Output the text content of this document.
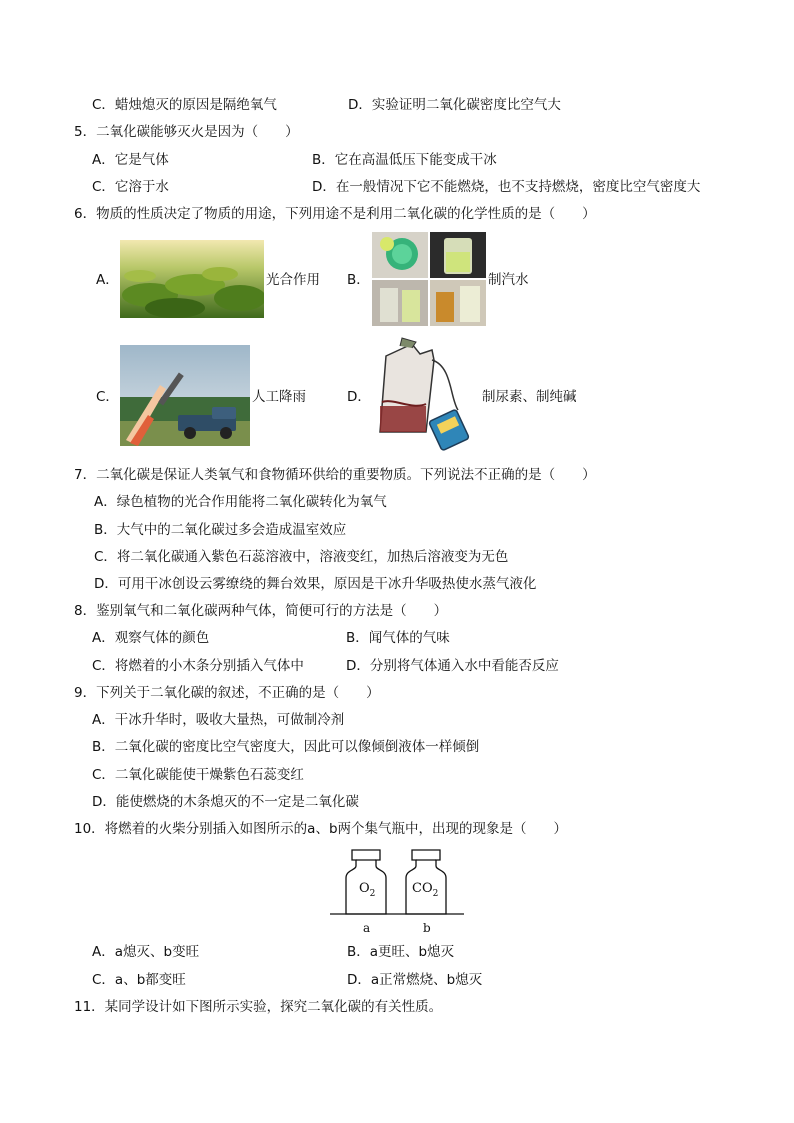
C．蜡烛熄灭的原因是隔绝氧气	D．实验证明二氧化碳密度比空气大
5．二氧化碳能够灭火是因为（　　）
A．它是气体	B．它在高温低压下能变成干冰
C．它溶于水	D．在一般情况下它不能燃烧，也不支持燃烧，密度比空气密度大
6．物质的性质决定了物质的用途，下列用途不是利用二氧化碳的化学性质的是（　　）
A．	光合作用 B．	制汽水
C．	人工降雨	D．	制尿素、制纯碱
7．二氧化碳是保证人类氧气和食物循环供给的重要物质。下列说法不正确的是（　　）
A．绿色植物的光合作用能将二氧化碳转化为氧气
B．大气中的二氧化碳过多会造成温室效应
C．将二氧化碳通入紫色石蕊溶液中，溶液变红，加热后溶液变为无色
D．可用干冰创设云雾缭绕的舞台效果，原因是干冰升华吸热使水蒸气液化
8．鉴别氧气和二氧化碳两种气体，简便可行的方法是（　　）
A．观察气体的颜色	B．闻气体的气味
C．将燃着的小木条分别插入气体中	D．分别将气体通入水中看能否反应
9．下列关于二氧化碳的叙述，不正确的是（　　）
A．干冰升华时，吸收大量热，可做制冷剂
B．二氧化碳的密度比空气密度大，因此可以像倾倒液体一样倾倒
C．二氧化碳能使干燥紫色石蕊变红
D．能使燃烧的木条熄灭的不一定是二氧化碳
10．将燃着的火柴分别插入如图所示的a、b两个集气瓶中，出现的现象是（　　）
$O_2$	$CO_2$
a	b
A．a熄灭、b变旺	B．a更旺、b熄灭
C．a、b都变旺	D．a正常燃烧、b熄灭
11．某同学设计如下图所示实验，探究二氧化碳的有关性质。
